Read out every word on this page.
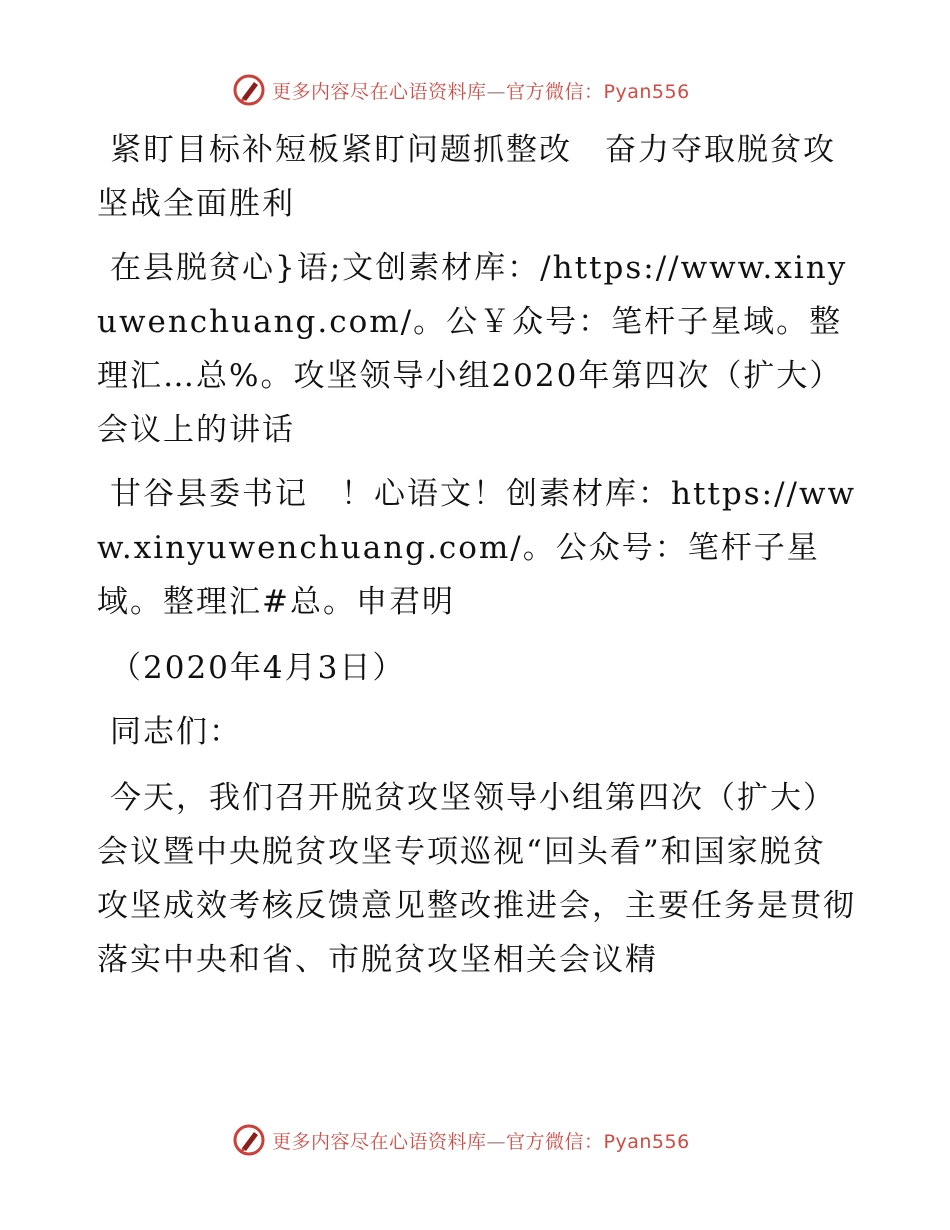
更多内容尽在心语资料库—官方微信：Pyan556

紧盯目标补短板紧盯问题抓整改　奋力夺取脱贫攻坚战全面胜利

在县脱贫心}语;文创素材库：/https://www.xinyuwenchuang.com/。公￥众号：笔杆子星域。整理汇…总%。攻坚领导小组2020年第四次（扩大）会议上的讲话

甘谷县委书记　！心语文！创素材库：https://www.xinyuwenchuang.com/。公众号：笔杆子星域。整理汇#总。申君明

（2020年4月3日）

同志们：

今天，我们召开脱贫攻坚领导小组第四次（扩大）会议暨中央脱贫攻坚专项巡视“回头看”和国家脱贫攻坚成效考核反馈意见整改推进会，主要任务是贯彻落实中央和省、市脱贫攻坚相关会议精

更多内容尽在心语资料库—官方微信：Pyan556
